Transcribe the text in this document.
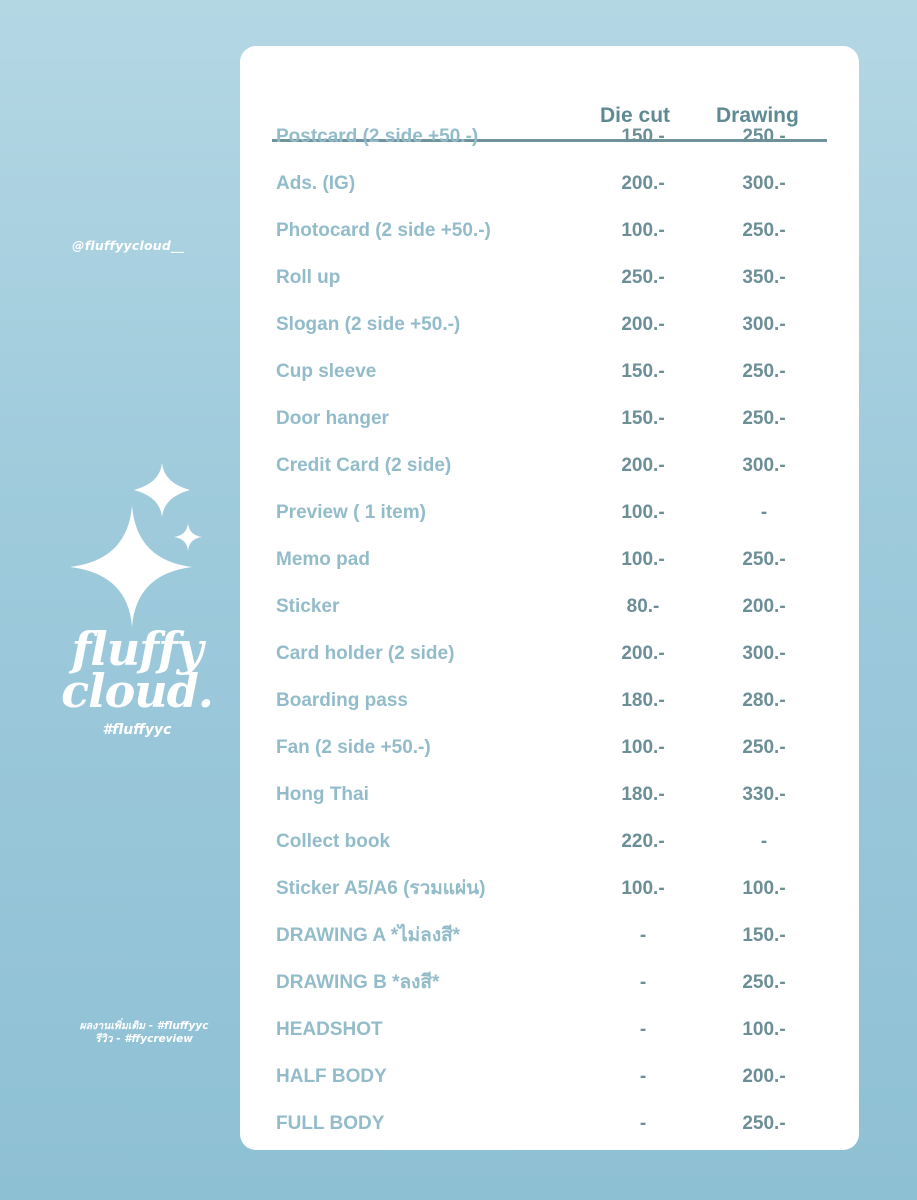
@fluffyycloud__
fluffy
cloud.
#fluffyyc
ผลงานเพิ่มเติม - #fluffyyc
รีวิว - #ffycreview
Die cut Drawing
Postcard (2 side +50.-)	150.-	250.-
Ads. (IG)	200.-	300.-
Photocard (2 side +50.-)	100.-	250.-
Roll up	250.-	350.-
Slogan (2 side +50.-)	200.-	300.-
Cup sleeve	150.-	250.-
Door hanger	150.-	250.-
Credit Card (2 side)	200.-	300.-
Preview ( 1 item)	100.-	-
Memo pad	100.-	250.-
Sticker	80.-	200.-
Card holder (2 side)	200.-	300.-
Boarding pass	180.-	280.-
Fan (2 side +50.-)	100.-	250.-
Hong Thai	180.-	330.-
Collect book	220.-	-
Sticker A5/A6 (รวมแผ่น)	100.-	100.-
DRAWING A *ไม่ลงสี*	-	150.-
DRAWING B *ลงสี*	-	250.-
HEADSHOT	-	100.-
HALF BODY	-	200.-
FULL BODY	-	250.-
